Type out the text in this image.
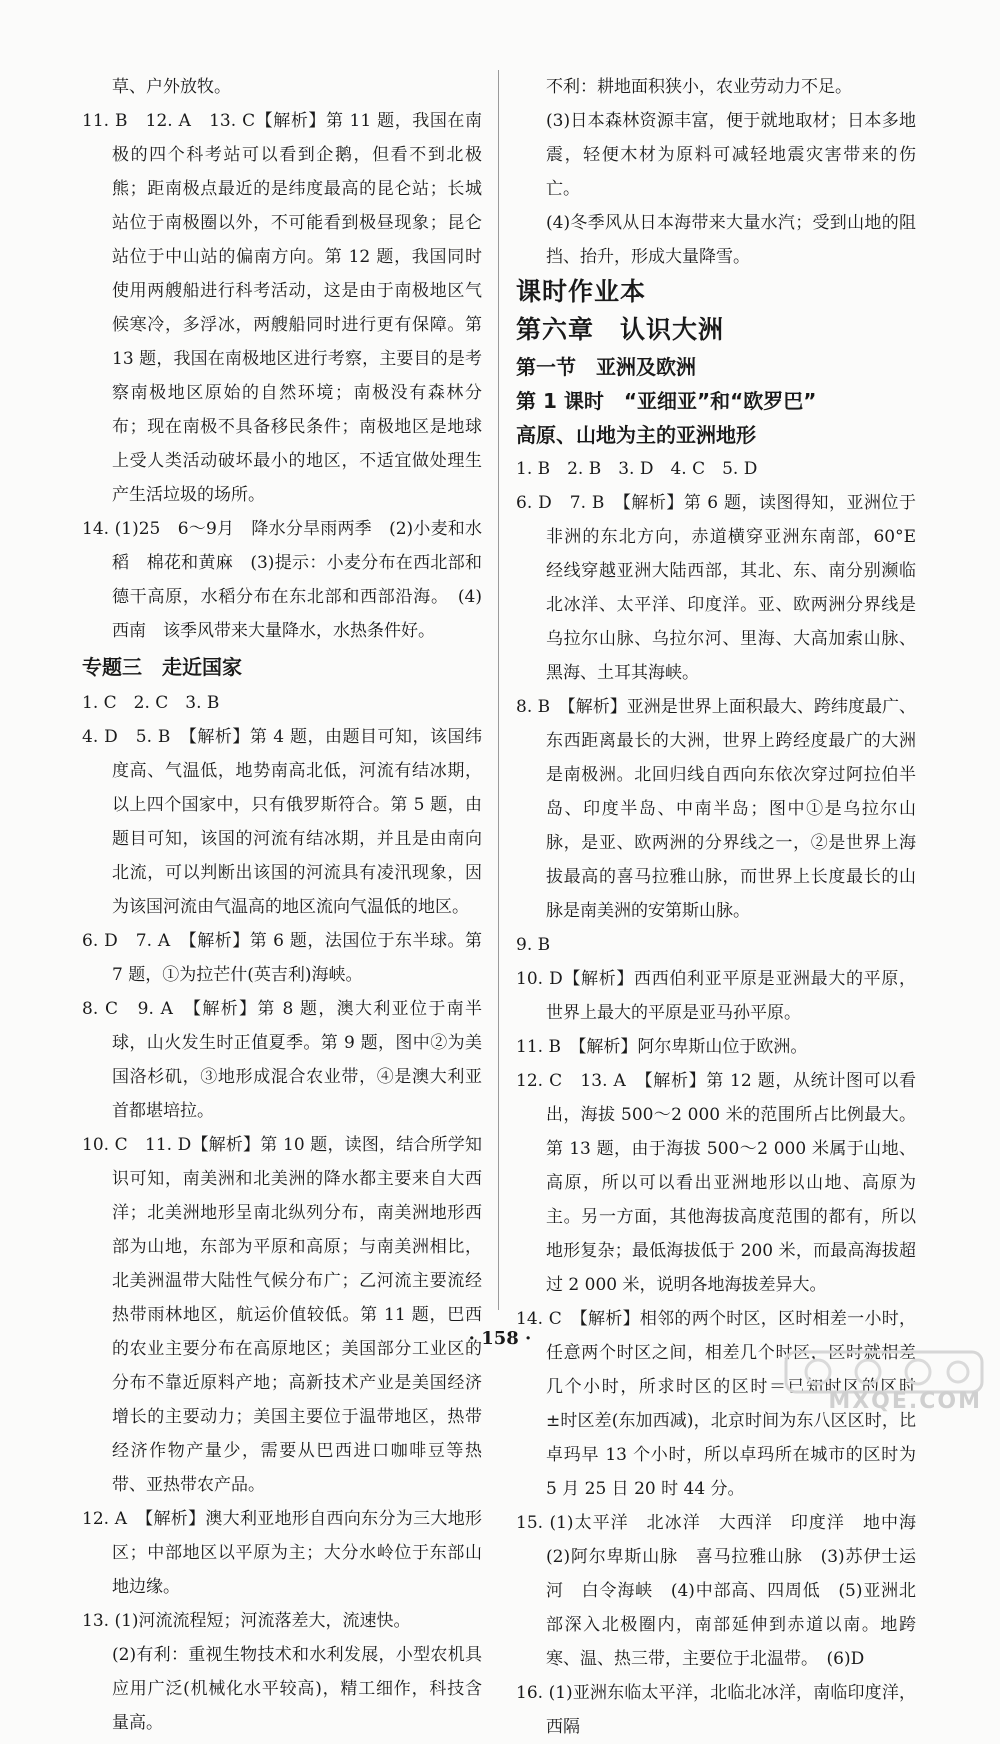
草、户外放牧。

11. B　12. A　13. C【解析】第 11 题，我国在南极的四个科考站可以看到企鹅，但看不到北极熊；距南极点最近的是纬度最高的昆仑站；长城站位于南极圈以外，不可能看到极昼现象；昆仑站位于中山站的偏南方向。第 12 题，我国同时使用两艘船进行科考活动，这是由于南极地区气候寒冷，多浮冰，两艘船同时进行更有保障。第 13 题，我国在南极地区进行考察，主要目的是考察南极地区原始的自然环境；南极没有森林分布；现在南极不具备移民条件；南极地区是地球上受人类活动破坏最小的地区，不适宜做处理生产生活垃圾的场所。

14. (1)25　6～9月　降水分旱雨两季　(2)小麦和水稻　棉花和黄麻　(3)提示：小麦分布在西北部和德干高原，水稻分布在东北部和西部沿海。　(4)西南　该季风带来大量降水，水热条件好。

专题三　走近国家

1. C　2. C　3. B

4. D　5. B　【解析】第 4 题，由题目可知，该国纬度高、气温低，地势南高北低，河流有结冰期，以上四个国家中，只有俄罗斯符合。第 5 题，由题目可知，该国的河流有结冰期，并且是由南向北流，可以判断出该国的河流具有凌汛现象，因为该国河流由气温高的地区流向气温低的地区。

6. D　7. A　【解析】第 6 题，法国位于东半球。第 7 题，①为拉芒什(英吉利)海峡。

8. C　9. A　【解析】第 8 题，澳大利亚位于南半球，山火发生时正值夏季。第 9 题，图中②为美国洛杉矶，③地形成混合农业带，④是澳大利亚首都堪培拉。

10. C　11. D【解析】第 10 题，读图，结合所学知识可知，南美洲和北美洲的降水都主要来自大西洋；北美洲地形呈南北纵列分布，南美洲地形西部为山地，东部为平原和高原；与南美洲相比，北美洲温带大陆性气候分布广；乙河流主要流经热带雨林地区，航运价值较低。第 11 题，巴西的农业主要分布在高原地区；美国部分工业区的分布不靠近原料产地；高新技术产业是美国经济增长的主要动力；美国主要位于温带地区，热带经济作物产量少，需要从巴西进口咖啡豆等热带、亚热带农产品。

12. A　【解析】澳大利亚地形自西向东分为三大地形区；中部地区以平原为主；大分水岭位于东部山地边缘。

13. (1)河流流程短；河流落差大，流速快。

(2)有利：重视生物技术和水利发展，小型农机具应用广泛(机械化水平较高)，精工细作，科技含量高。

不利：耕地面积狭小，农业劳动力不足。

(3)日本森林资源丰富，便于就地取材；日本多地震，轻便木材为原料可减轻地震灾害带来的伤亡。

(4)冬季风从日本海带来大量水汽；受到山地的阻挡、抬升，形成大量降雪。

课时作业本

第六章　认识大洲

第一节　亚洲及欧洲

第 1 课时　“亚细亚”和“欧罗巴”

高原、山地为主的亚洲地形

1. B　2. B　3. D　4. C　5. D

6. D　7. B　【解析】第 6 题，读图得知，亚洲位于非洲的东北方向，赤道横穿亚洲东南部，60°E 经线穿越亚洲大陆西部，其北、东、南分别濒临北冰洋、太平洋、印度洋。亚、欧两洲分界线是乌拉尔山脉、乌拉尔河、里海、大高加索山脉、黑海、土耳其海峡。

8. B　【解析】亚洲是世界上面积最大、跨纬度最广、东西距离最长的大洲，世界上跨经度最广的大洲是南极洲。北回归线自西向东依次穿过阿拉伯半岛、印度半岛、中南半岛；图中①是乌拉尔山脉，是亚、欧两洲的分界线之一，②是世界上海拔最高的喜马拉雅山脉，而世界上长度最长的山脉是南美洲的安第斯山脉。

9. B

10. D【解析】西西伯利亚平原是亚洲最大的平原，世界上最大的平原是亚马孙平原。

11. B　【解析】阿尔卑斯山位于欧洲。

12. C　13. A　【解析】第 12 题，从统计图可以看出，海拔 500～2 000 米的范围所占比例最大。第 13 题，由于海拔 500～2 000 米属于山地、高原，所以可以看出亚洲地形以山地、高原为主。另一方面，其他海拔高度范围的都有，所以地形复杂；最低海拔低于 200 米，而最高海拔超过 2 000 米，说明各地海拔差异大。

14. C　【解析】相邻的两个时区，区时相差一小时，任意两个时区之间，相差几个时区，区时就相差几个小时，所求时区的区时＝已知时区的区时±时区差(东加西减)，北京时间为东八区区时，比卓玛早 13 个小时，所以卓玛所在城市的区时为 5 月 25 日 20 时 44 分。

15. (1)太平洋　北冰洋　大西洋　印度洋　地中海　(2)阿尔卑斯山脉　喜马拉雅山脉　(3)苏伊士运河　白令海峡　(4)中部高、四周低　(5)亚洲北部深入北极圈内，南部延伸到赤道以南。地跨寒、温、热三带，主要位于北温带。　(6)D

16. (1)亚洲东临太平洋，北临北冰洋，南临印度洋，西隔

· 158 ·
MXQE.COM
